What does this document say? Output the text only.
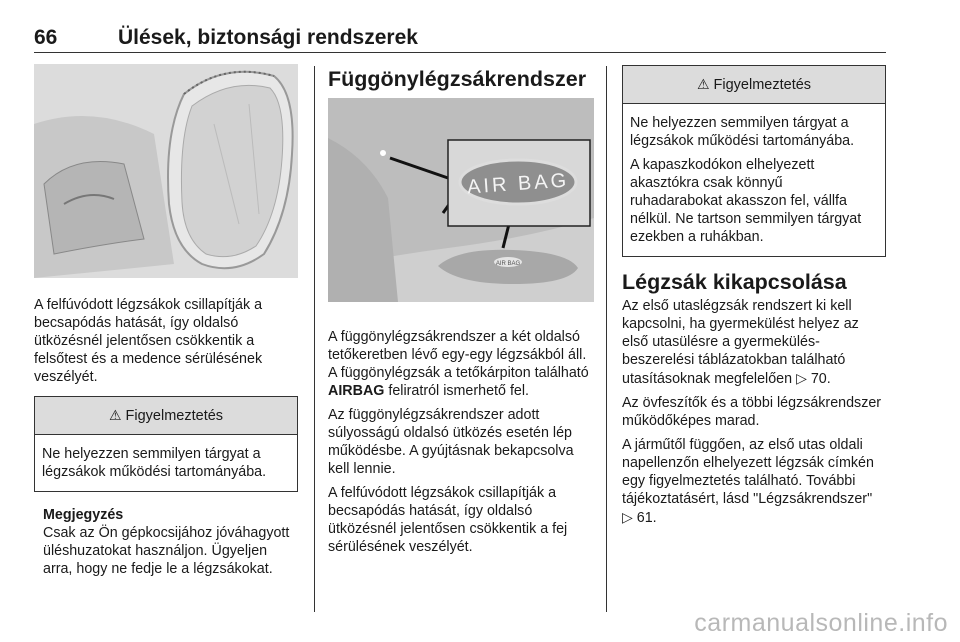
66	Ülések, biztonsági rendszerek

A felfúvódott légzsákok csillapítják a becsapódás hatását, így oldalsó ütközésnél jelentősen csökkentik a felsőtest és a medence sérülésének veszélyét.

⚠ Figyelmeztetés

Ne helyezzen semmilyen tárgyat a légzsákok működési tartományába.

Megjegyzés

Csak az Ön gépkocsijához jóváhagyott üléshuzatokat használjon. Ügyeljen arra, hogy ne fedje le a légzsákokat.

Függönylégzsákrendszer
AIR BAG
AIR BAG

A függönylégzsákrendszer a két oldalsó tetőkeretben lévő egy-egy légzsákból áll. A függönylégzsák a tetőkárpiton található AIRBAG feliratról ismerhető fel.

Az függönylégzsákrendszer adott súlyosságú oldalsó ütközés esetén lép működésbe. A gyújtásnak bekapcsolva kell lennie.

A felfúvódott légzsákok csillapítják a becsapódás hatását, így oldalsó ütközésnél jelentősen csökkentik a fej sérülésének veszélyét.

⚠ Figyelmeztetés

Ne helyezzen semmilyen tárgyat a légzsákok működési tartományába.

A kapaszkodókon elhelyezett akasztókra csak könnyű ruhadarabokat akasszon fel, vállfa nélkül. Ne tartson semmilyen tárgyat ezekben a ruhákban.

Légzsák kikapcsolása

Az első utaslégzsák rendszert ki kell kapcsolni, ha gyermekülést helyez az első utasülésre a gyermekülés-beszerelési táblázatokban található utasításoknak megfelelően ▷ 70.

Az övfeszítők és a többi légzsákrendszer működőképes marad.

A járműtől függően, az első utas oldali napellenzőn elhelyezett légzsák címkén egy figyelmeztetés található. További tájékoztatásért, lásd "Légzsákrendszer" ▷ 61.

carmanualsonline.info
